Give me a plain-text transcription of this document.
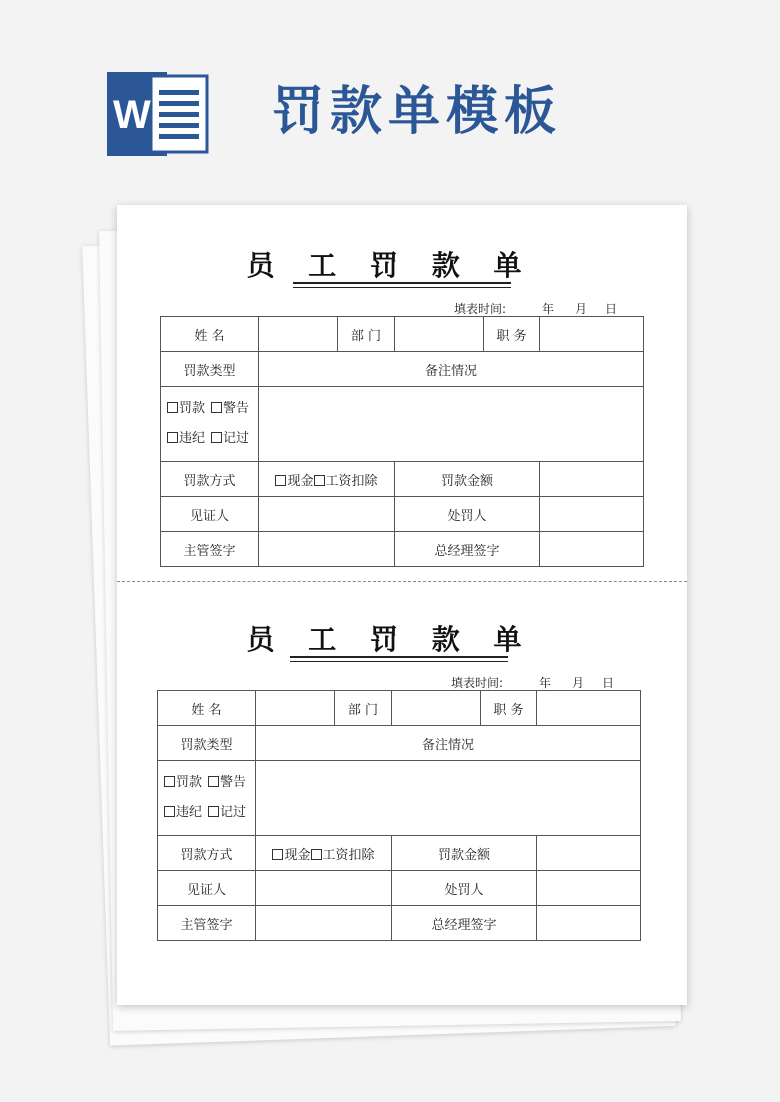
W 罚款单模板
员 工 罚 款 单
填表时间:	年 月 日
姓 名		部 门		职 务	
罚款类型	备注情况				

罚款 警告
违纪 记过					

罚款方式	现金 工资扣除		罚款金额		
见证人			处罚人		
主管签字			总经理签字		
员 工 罚 款 单
填表时间:	年 月 日
姓 名		部 门		职 务	
罚款类型	备注情况				

罚款 警告
违纪 记过					

罚款方式	现金 工资扣除		罚款金额		
见证人			处罚人		
主管签字			总经理签字		
